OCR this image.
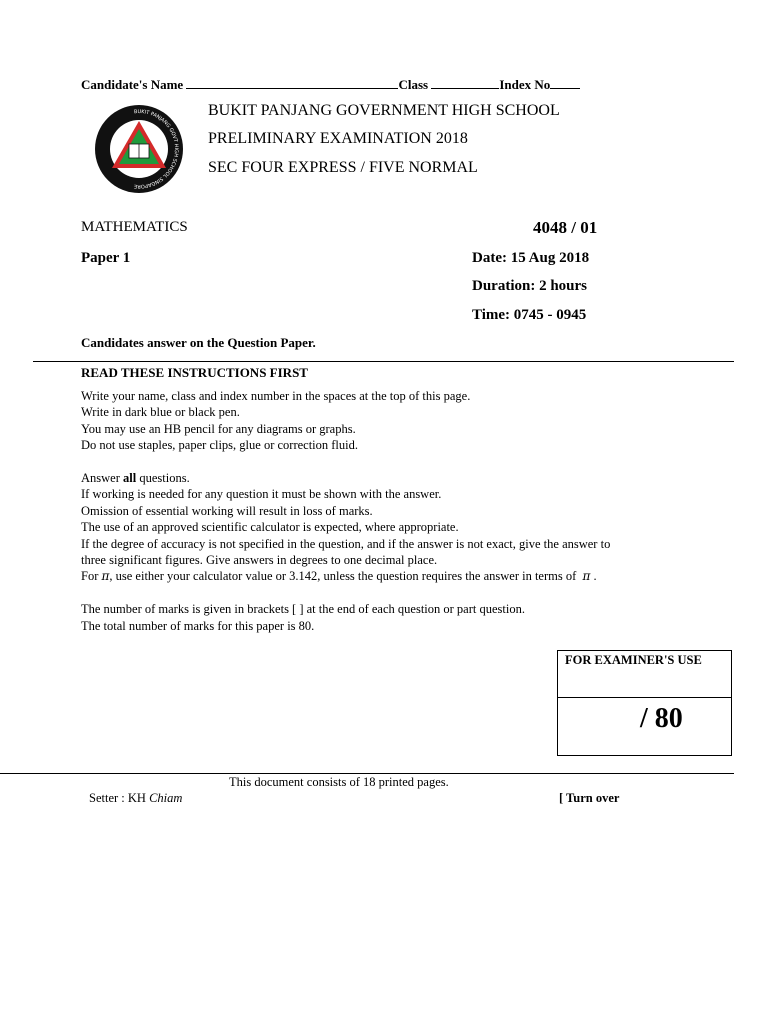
Candidate's Name	Class	Index No
BUKIT PANJANG GOVT HIGH SCHOOL SINGAPORE
BUKIT PANJANG GOVERNMENT HIGH SCHOOL
PRELIMINARY EXAMINATION 2018
SEC FOUR EXPRESS / FIVE NORMAL
MATHEMATICS	4048 / 01
Paper 1	Date: 15 Aug 2018
Duration: 2 hours
Time: 0745 - 0945
Candidates answer on the Question Paper.
READ THESE INSTRUCTIONS FIRST
Write your name, class and index number in the spaces at the top of this page.
Write in dark blue or black pen.
You may use an HB pencil for any diagrams or graphs.
Do not use staples, paper clips, glue or correction fluid.
Answer all questions.
If working is needed for any question it must be shown with the answer.
Omission of essential working will result in loss of marks.
The use of an approved scientific calculator is expected, where appropriate.
If the degree of accuracy is not specified in the question, and if the answer is not exact, give the answer to
three significant figures. Give answers in degrees to one decimal place.
For π, use either your calculator value or 3.142, unless the question requires the answer in terms of  π .
The number of marks is given in brackets [ ] at the end of each question or part question.
The total number of marks for this paper is 80.
FOR EXAMINER'S USE
/ 80
This document consists of 18 printed pages.
Setter : KH Chiam	[ Turn over
